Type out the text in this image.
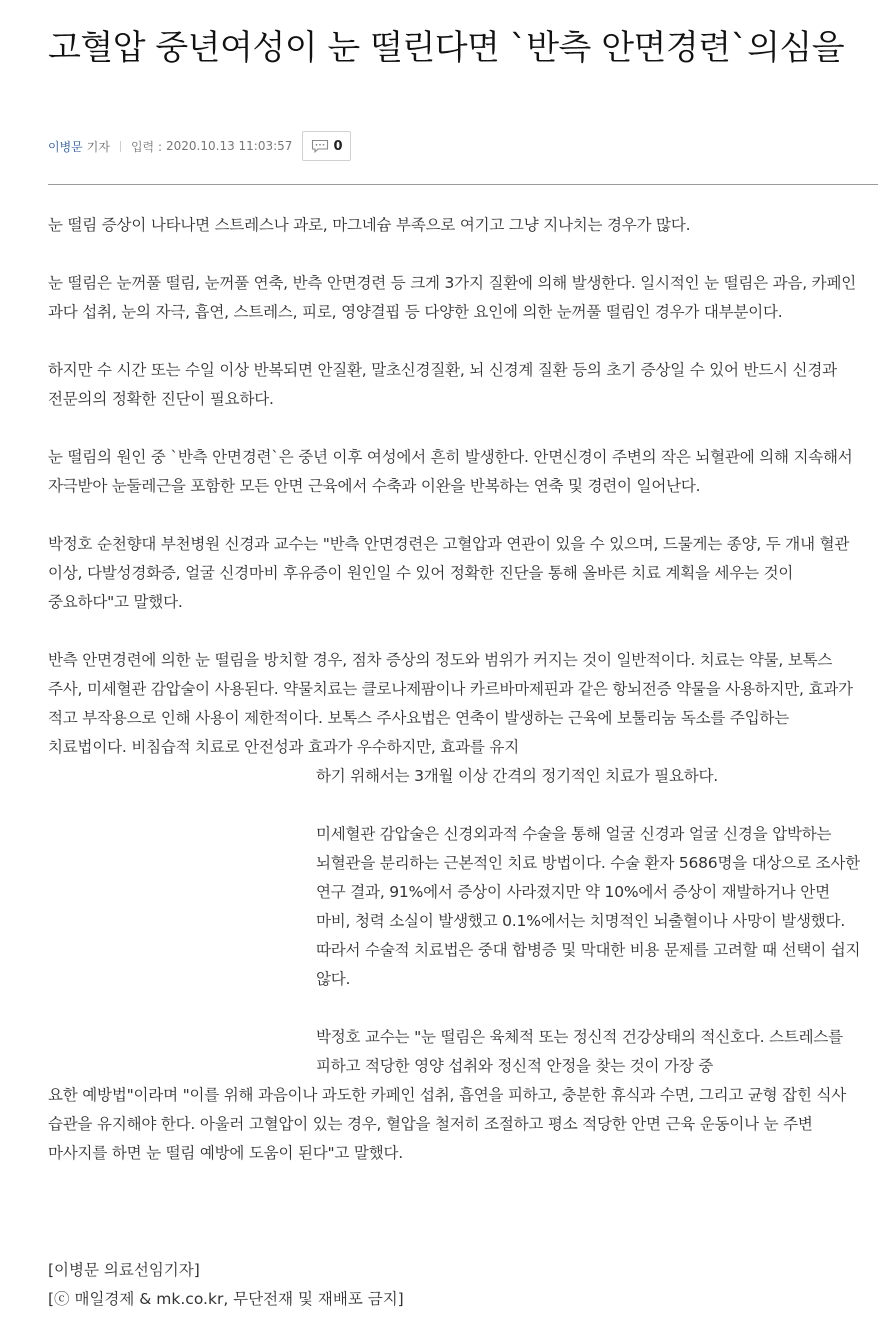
고혈압 중년여성이 눈 떨린다면 `반측 안면경련`의심을
이병문 기자 입력 : 2020.10.13 11:03:57	0

눈 떨림 증상이 나타나면 스트레스나 과로, 마그네슘 부족으로 여기고 그냥 지나치는 경우가 많다.

눈 떨림은 눈꺼풀 떨림, 눈꺼풀 연축, 반측 안면경련 등 크게 3가지 질환에 의해 발생한다. 일시적인 눈 떨림은 과음, 카페인 과다 섭취, 눈의 자극, 흡연, 스트레스, 피로, 영양결핍 등 다양한 요인에 의한 눈꺼풀 떨림인 경우가 대부분이다.

하지만 수 시간 또는 수일 이상 반복되면 안질환, 말초신경질환, 뇌 신경계 질환 등의 초기 증상일 수 있어 반드시 신경과 전문의의 정확한 진단이 필요하다.

눈 떨림의 원인 중 `반측 안면경련`은 중년 이후 여성에서 흔히 발생한다. 안면신경이 주변의 작은 뇌혈관에 의해 지속해서 자극받아 눈둘레근을 포함한 모든 안면 근육에서 수축과 이완을 반복하는 연축 및 경련이 일어난다.

박정호 순천향대 부천병원 신경과 교수는 "반측 안면경련은 고혈압과 연관이 있을 수 있으며, 드물게는 종양, 두 개내 혈관 이상, 다발성경화증, 얼굴 신경마비 후유증이 원인일 수 있어 정확한 진단을 통해 올바른 치료 계획을 세우는 것이 중요하다"고 말했다.

반측 안면경련에 의한 눈 떨림을 방치할 경우, 점차 증상의 정도와 범위가 커지는 것이 일반적이다. 치료는 약물, 보톡스 주사, 미세혈관 감압술이 사용된다. 약물치료는 클로나제팜이나 카르바마제핀과 같은 항뇌전증 약물을 사용하지만, 효과가 적고 부작용으로 인해 사용이 제한적이다. 보톡스 주사요법은 연축이 발생하는 근육에 보툴리눔 독소를 주입하는 치료법이다. 비침습적 치료로 안전성과 효과가 우수하지만, 효과를 유지

하기 위해서는 3개월 이상 간격의 정기적인 치료가 필요하다.

미세혈관 감압술은 신경외과적 수술을 통해 얼굴 신경과 얼굴 신경을 압박하는 뇌혈관을 분리하는 근본적인 치료 방법이다. 수술 환자 5686명을 대상으로 조사한 연구 결과, 91%에서 증상이 사라졌지만 약 10%에서 증상이 재발하거나 안면 마비, 청력 소실이 발생했고 0.1%에서는 치명적인 뇌출혈이나 사망이 발생했다. 따라서 수술적 치료법은 중대 합병증 및 막대한 비용 문제를 고려할 때 선택이 쉽지 않다.

박정호 교수는 "눈 떨림은 육체적 또는 정신적 건강상태의 적신호다. 스트레스를 피하고 적당한 영양 섭취와 정신적 안정을 찾는 것이 가장 중

요한 예방법"이라며 "이를 위해 과음이나 과도한 카페인 섭취, 흡연을 피하고, 충분한 휴식과 수면, 그리고 균형 잡힌 식사 습관을 유지해야 한다. 아울러 고혈압이 있는 경우, 혈압을 철저히 조절하고 평소 적당한 안면 근육 운동이나 눈 주변 마사지를 하면 눈 떨림 예방에 도움이 된다"고 말했다.

[이병문 의료선임기자]
[ⓒ 매일경제 & mk.co.kr, 무단전재 및 재배포 금지]
